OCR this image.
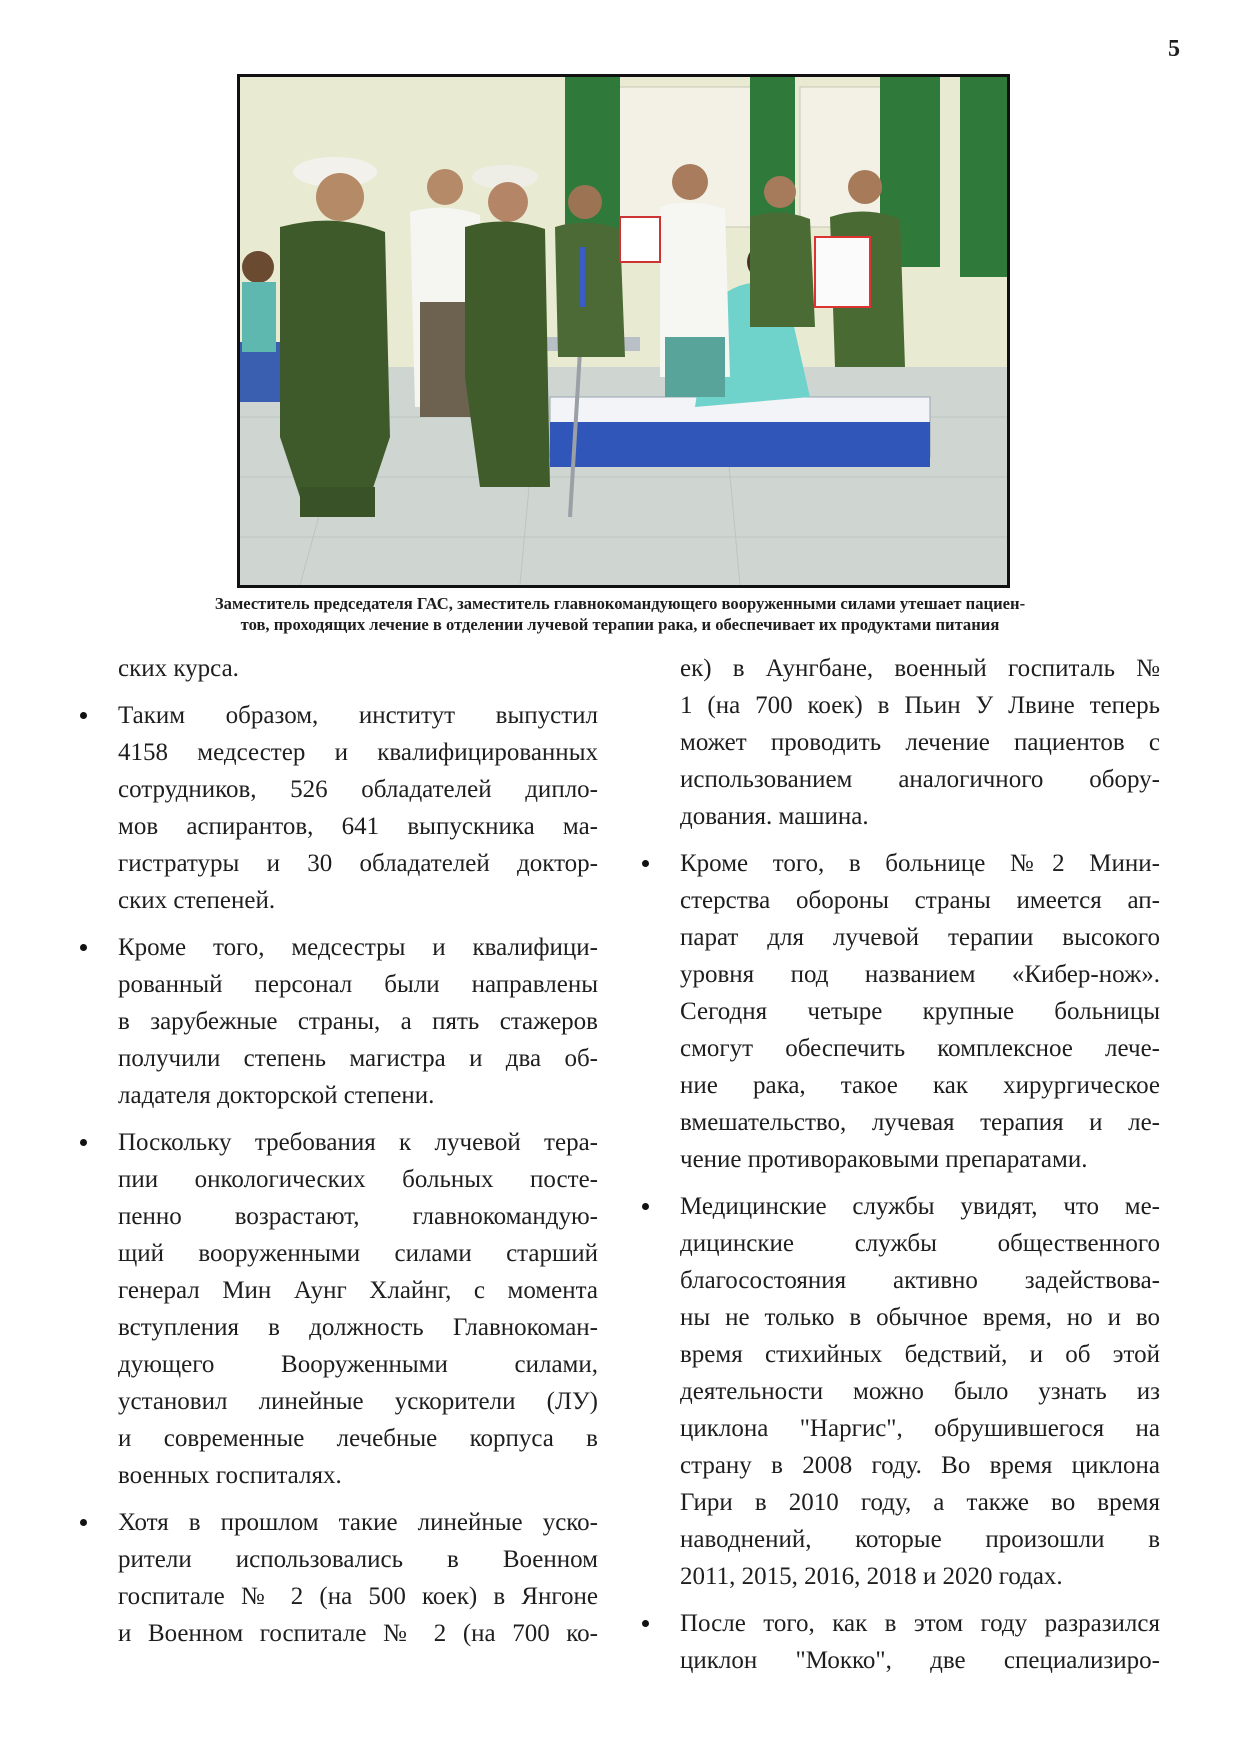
5
Заместитель председателя ГАС, заместитель главнокомандующего вооруженными силами утешает пациен-
тов, проходящих лечение в отделении лучевой терапии рака, и обеспечивает их продуктами питания
ских курса.
Таким образом, институт выпустил
4158 медсестер и квалифицированных
сотрудников, 526 обладателей дипло-
мов аспирантов, 641 выпускника ма-
гистратуры и 30 обладателей доктор-
ских степеней.
Кроме того, медсестры и квалифици-
рованный персонал были направлены
в зарубежные страны, а пять стажеров
получили степень магистра и два об-
ладателя докторской степени.
Поскольку требования к лучевой тера-
пии онкологических больных посте-
пенно возрастают, главнокомандую-
щий вооруженными силами старший
генерал Мин Аунг Хлайнг, с момента
вступления в должность Главнокоман-
дующего Вооруженными силами,
установил линейные ускорители (ЛУ)
и современные лечебные корпуса в
военных госпиталях.
Хотя в прошлом такие линейные уско-
рители использовались в Военном
госпитале № 2 (на 500 коек) в Янгоне
и Военном госпитале № 2 (на 700 ко-
ек) в Аунгбане, военный госпиталь №
1 (на 700 коек) в Пьин У Лвине теперь
может проводить лечение пациентов с
использованием аналогичного обору-
дования. машина.
Кроме того, в больнице №2 Мини-
стерства обороны страны имеется ап-
парат для лучевой терапии высокого
уровня под названием «Кибер-нож».
Сегодня четыре крупные больницы
смогут обеспечить комплексное лече-
ние рака, такое как хирургическое
вмешательство, лучевая терапия и ле-
чение противораковыми препаратами.
Медицинские службы увидят, что ме-
дицинские службы общественного
благосостояния активно задействова-
ны не только в обычное время, но и во
время стихийных бедствий, и об этой
деятельности можно было узнать из
циклона "Наргис", обрушившегося на
страну в 2008 году. Во время циклона
Гири в 2010 году, а также во время
наводнений, которые произошли в
2011, 2015, 2016, 2018 и 2020 годах.
После того, как в этом году разразился
циклон "Мокко", две специализиро-
